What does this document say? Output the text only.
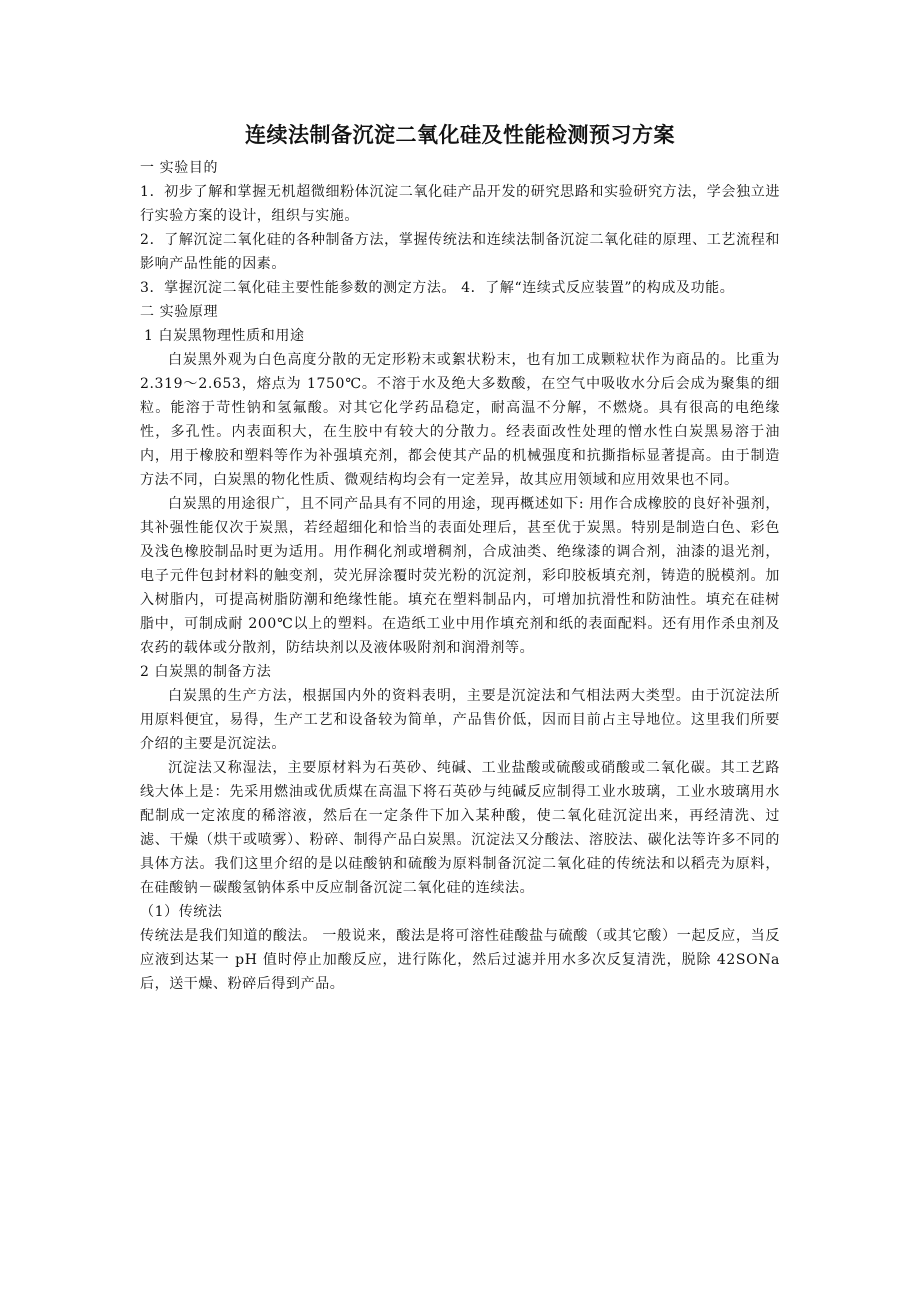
连续法制备沉淀二氧化硅及性能检测预习方案

一 实验目的

1．初步了解和掌握无机超微细粉体沉淀二氧化硅产品开发的研究思路和实验研究方法，学会独立进行实验方案的设计，组织与实施。

2．了解沉淀二氧化硅的各种制备方法，掌握传统法和连续法制备沉淀二氧化硅的原理、工艺流程和影响产品性能的因素。

3．掌握沉淀二氧化硅主要性能参数的测定方法。 4．了解“连续式反应装置”的构成及功能。

二 实验原理

1 白炭黑物理性质和用途

白炭黑外观为白色高度分散的无定形粉末或絮状粉末，也有加工成颗粒状作为商品的。比重为 2.319～2.653，熔点为 1750℃。不溶于水及绝大多数酸，在空气中吸收水分后会成为聚集的细粒。能溶于苛性钠和氢氟酸。对其它化学药品稳定，耐高温不分解，不燃烧。具有很高的电绝缘性，多孔性。内表面积大，在生胶中有较大的分散力。经表面改性处理的憎水性白炭黑易溶于油内，用于橡胶和塑料等作为补强填充剂，都会使其产品的机械强度和抗撕指标显著提高。由于制造方法不同，白炭黑的物化性质、微观结构均会有一定差异，故其应用领域和应用效果也不同。

白炭黑的用途很广，且不同产品具有不同的用途，现再概述如下: 用作合成橡胶的良好补强剂，其补强性能仅次于炭黑，若经超细化和恰当的表面处理后，甚至优于炭黑。特别是制造白色、彩色及浅色橡胶制品时更为适用。用作稠化剂或增稠剂，合成油类、绝缘漆的调合剂，油漆的退光剂，电子元件包封材料的触变剂，荧光屏涂覆时荧光粉的沉淀剂，彩印胶板填充剂，铸造的脱模剂。加入树脂内，可提高树脂防潮和绝缘性能。填充在塑料制品内，可增加抗滑性和防油性。填充在硅树脂中，可制成耐 200℃以上的塑料。在造纸工业中用作填充剂和纸的表面配料。还有用作杀虫剂及农药的载体或分散剂，防结块剂以及液体吸附剂和润滑剂等。

2 白炭黑的制备方法

白炭黑的生产方法，根据国内外的资料表明，主要是沉淀法和气相法两大类型。由于沉淀法所用原料便宜，易得，生产工艺和设备较为简单，产品售价低，因而目前占主导地位。这里我们所要介绍的主要是沉淀法。

沉淀法又称湿法，主要原材料为石英砂、纯碱、工业盐酸或硫酸或硝酸或二氧化碳。其工艺路线大体上是：先采用燃油或优质煤在高温下将石英砂与纯碱反应制得工业水玻璃，工业水玻璃用水配制成一定浓度的稀溶液，然后在一定条件下加入某种酸，使二氧化硅沉淀出来，再经清洗、过滤、干燥（烘干或喷雾）、粉碎、制得产品白炭黑。沉淀法又分酸法、溶胶法、碳化法等许多不同的具体方法。我们这里介绍的是以硅酸钠和硫酸为原料制备沉淀二氧化硅的传统法和以稻壳为原料，在硅酸钠－碳酸氢钠体系中反应制备沉淀二氧化硅的连续法。

（1）传统法

传统法是我们知道的酸法。 一般说来，酸法是将可溶性硅酸盐与硫酸（或其它酸）一起反应，当反应液到达某一 pH 值时停止加酸反应，进行陈化，然后过滤并用水多次反复清洗，脱除 42SONa 后，送干燥、粉碎后得到产品。
